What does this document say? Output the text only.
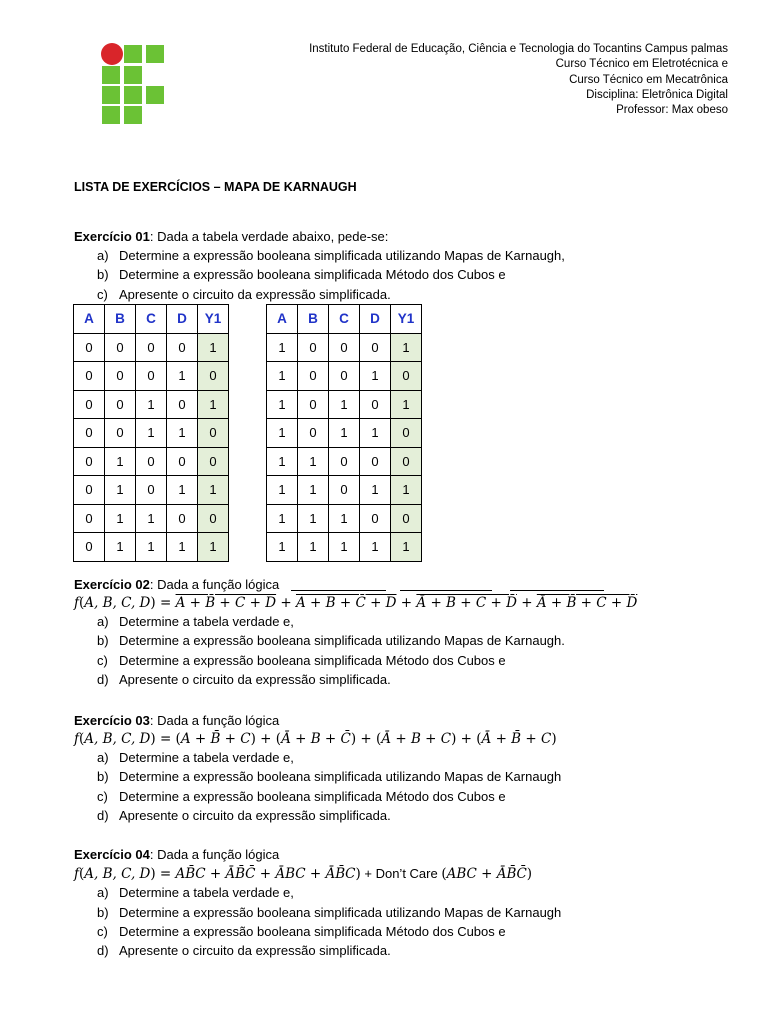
Instituto Federal de Educação, Ciência e Tecnologia do Tocantins Campus palmas
Curso Técnico em Eletrotécnica e
Curso Técnico em Mecatrônica
Disciplina: Eletrônica Digital
Professor: Max obeso
LISTA DE EXERCÍCIOS – MAPA DE KARNAUGH
Exercício 01: Dada a tabela verdade abaixo, pede-se:
a) Determine a expressão booleana simplificada utilizando Mapas de Karnaugh,
b) Determine a expressão booleana simplificada Método dos Cubos e
c) Apresente o circuito da expressão simplificada.
A	B	C	D	Y1
0	0	0	0	1
0	0	0	1	0
0	0	1	0	1
0	0	1	1	0
0	1	0	0	0
0	1	0	1	1
0	1	1	0	0
0	1	1	1	1
A	B	C	D	Y1
1	0	0	0	1
1	0	0	1	0
1	0	1	0	1
1	0	1	1	0
1	1	0	0	0
1	1	0	1	1
1	1	1	0	0
1	1	1	1	1
Exercício 02: Dada a função lógica
f(A, B, C, D) = A + B̄ + C + D + A + B + C̄ + D + Ā + B + C + D̄ + Ā + B̄ + C + D̄
a) Determine a tabela verdade e,
b) Determine a expressão booleana simplificada utilizando Mapas de Karnaugh.
c) Determine a expressão booleana simplificada Método dos Cubos e
d) Apresente o circuito da expressão simplificada.
Exercício 03: Dada a função lógica
f(A, B, C, D) = (A + B̄ + C) + (Ā + B + C̄) + (Ā + B + C) + (Ā + B̄ + C)
a) Determine a tabela verdade e,
b) Determine a expressão booleana simplificada utilizando Mapas de Karnaugh
c) Determine a expressão booleana simplificada Método dos Cubos e
d) Apresente o circuito da expressão simplificada.
Exercício 04: Dada a função lógica
f(A, B, C, D) = AB̄C + ĀB̄C̄ + ĀBC + ĀB̄C) + Don’t Care (ABC + ĀB̄C̄)
a) Determine a tabela verdade e,
b) Determine a expressão booleana simplificada utilizando Mapas de Karnaugh
c) Determine a expressão booleana simplificada Método dos Cubos e
d) Apresente o circuito da expressão simplificada.
